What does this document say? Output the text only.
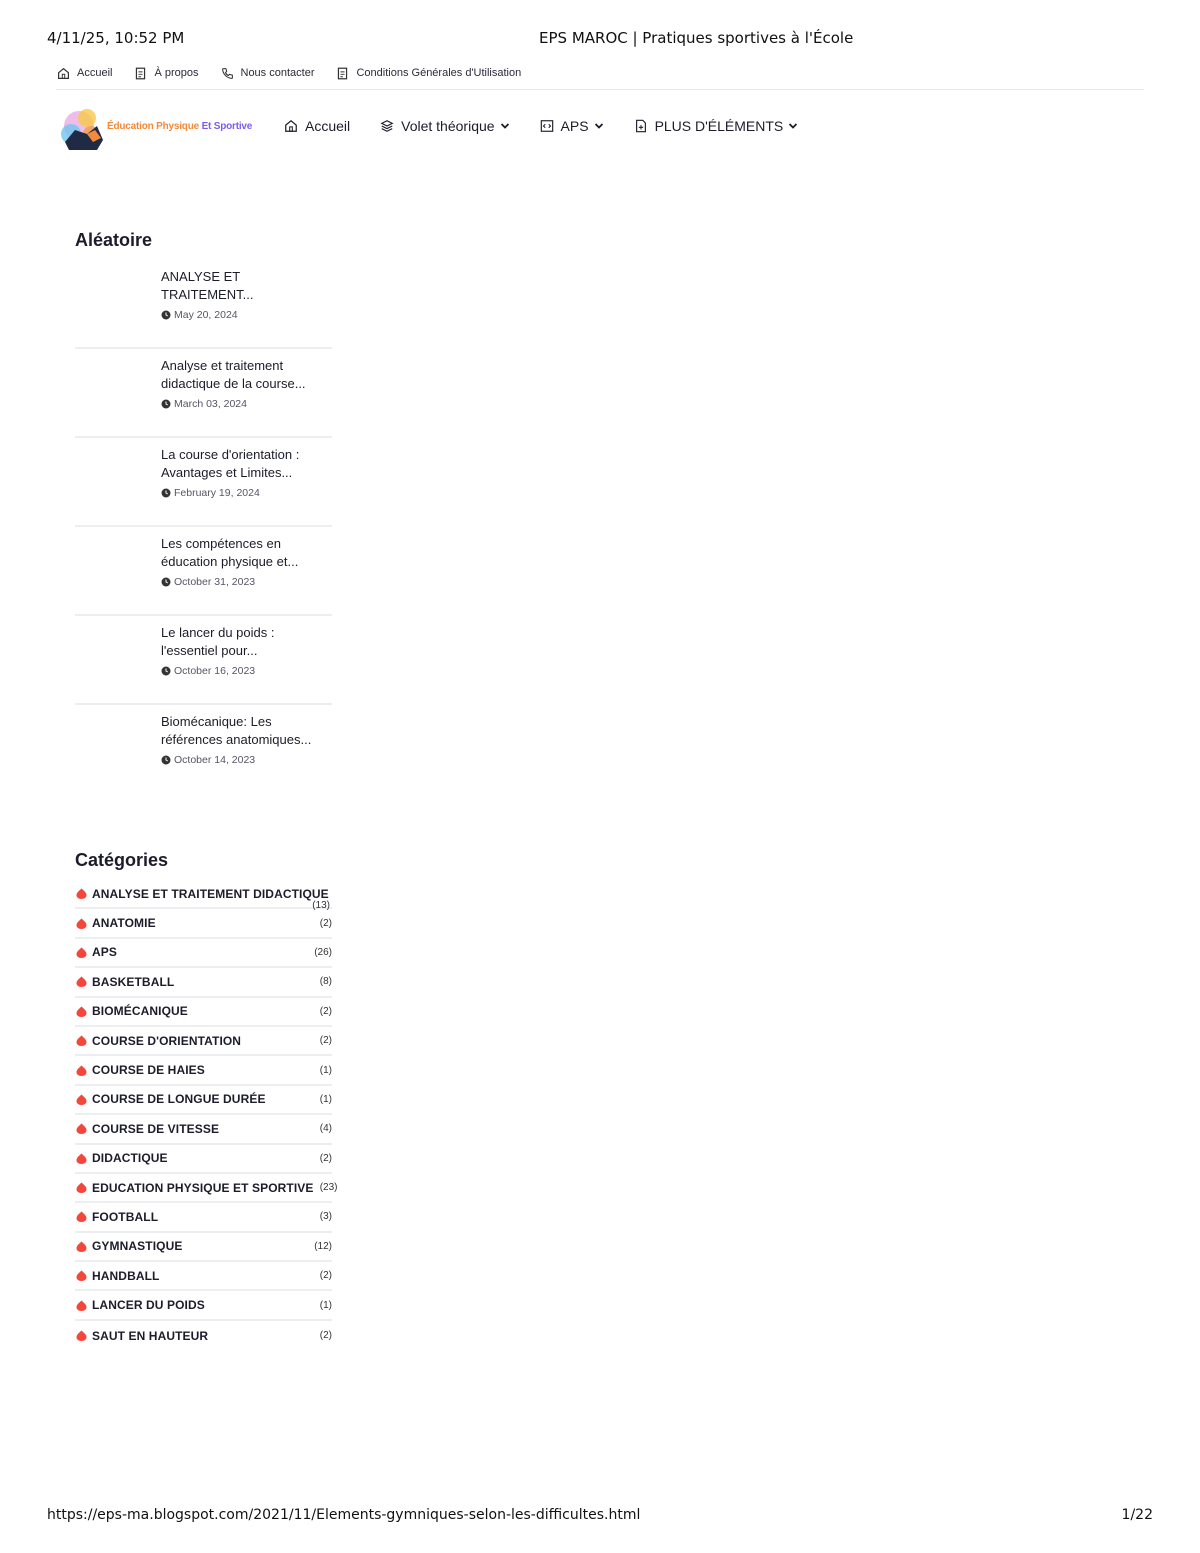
4/11/25, 10:52 PM	EPS MAROC | Pratiques sportives à l'École
Accueil	À propos	Nous contacter	Conditions Générales d'Utilisation
Éducation Physique Et Sportive	Accueil	Volet théorique	APS	PLUS D'ÉLÉMENTS
Aléatoire
ANALYSE ET TRAITEMENT...
May 20, 2024
Analyse et traitement didactique de la course...
March 03, 2024
La course d'orientation : Avantages et Limites...
February 19, 2024
Les compétences en éducation physique et...
October 31, 2023
Le lancer du poids : l'essentiel pour...
October 16, 2023
Biomécanique: Les références anatomiques...
October 14, 2023
Catégories
ANALYSE ET TRAITEMENT DIDACTIQUE
(13)
ANATOMIE	(2)
APS	(26)
BASKETBALL	(8)
BIOMÉCANIQUE	(2)
COURSE D'ORIENTATION	(2)
COURSE DE HAIES	(1)
COURSE DE LONGUE DURÉE	(1)
COURSE DE VITESSE	(4)
DIDACTIQUE	(2)
EDUCATION PHYSIQUE ET SPORTIVE (23)
FOOTBALL	(3)
GYMNASTIQUE	(12)
HANDBALL	(2)
LANCER DU POIDS	(1)
SAUT EN HAUTEUR	(2)
https://eps-ma.blogspot.com/2021/11/Elements-gymniques-selon-les-difficultes.html	1/22
